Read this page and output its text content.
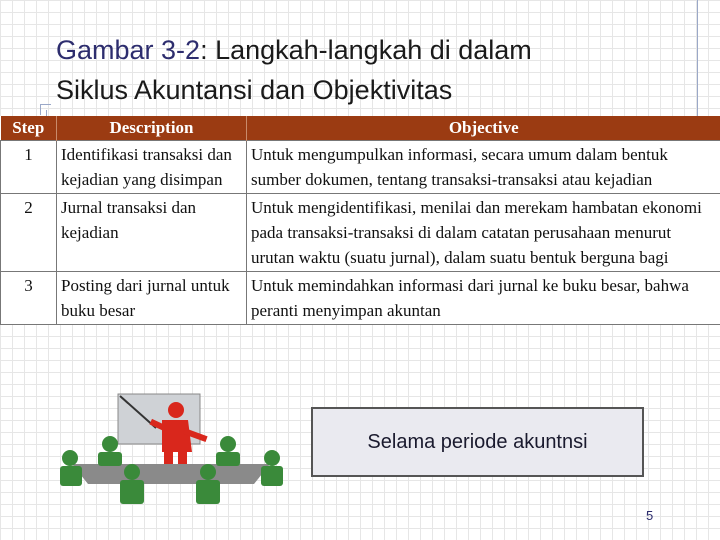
Gambar 3-2: Langkah-langkah di dalam
Siklus Akuntansi dan Objektivitas
Step	Description	Objective
1	Identifikasi transaksi dan kejadian yang disimpan	Untuk mengumpulkan informasi, secara umum dalam bentuk sumber dokumen, tentang transaksi-transaksi atau kejadian
2	Jurnal transaksi dan kejadian	Untuk mengidentifikasi, menilai dan merekam hambatan ekonomi pada transaksi-transaksi di dalam catatan perusahaan menurut urutan waktu (suatu jurnal), dalam suatu bentuk berguna bagi

3	Posting dari jurnal untuk buku besar	Untuk memindahkan informasi dari jurnal ke buku besar, bahwa peranti menyimpan akuntan
Selama periode akuntnsi
5
